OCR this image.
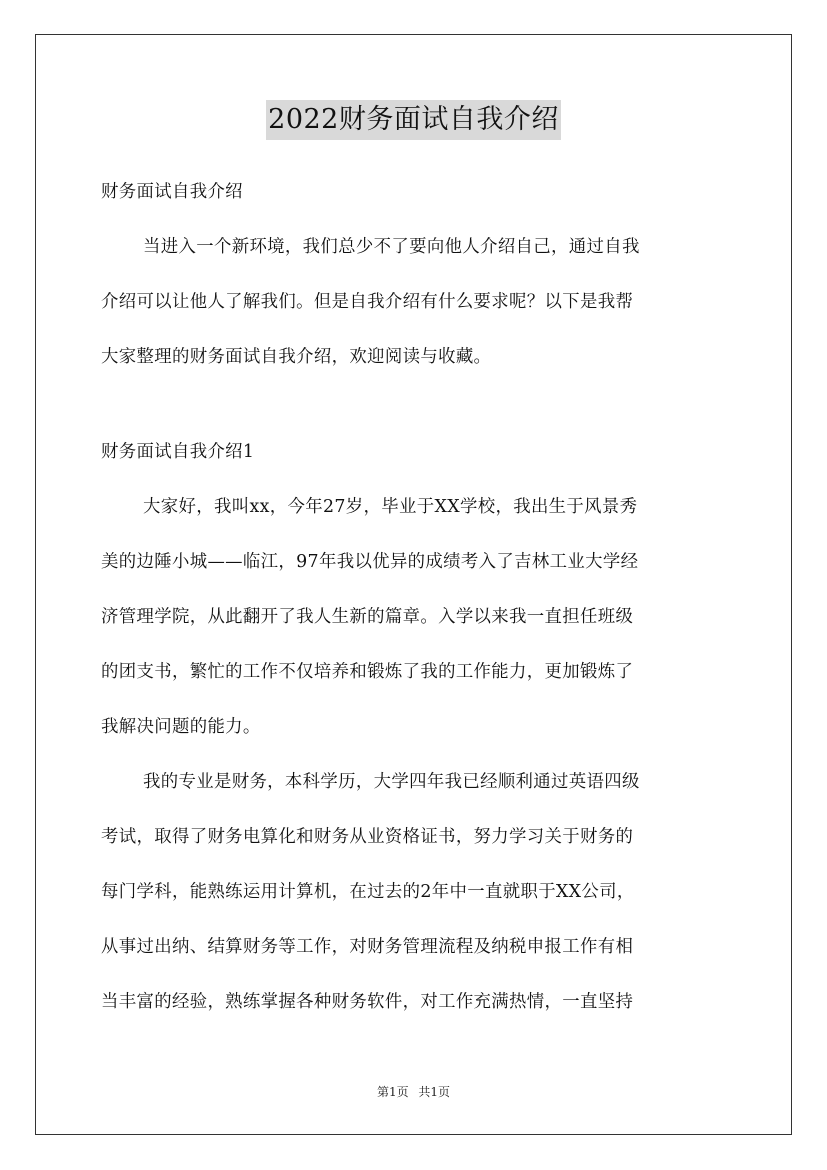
2022财务面试自我介绍
财务面试自我介绍
当进入一个新环境，我们总少不了要向他人介绍自己，通过自我
介绍可以让他人了解我们。但是自我介绍有什么要求呢？以下是我帮
大家整理的财务面试自我介绍，欢迎阅读与收藏。
财务面试自我介绍1
大家好，我叫xx，今年27岁，毕业于XX学校，我出生于风景秀
美的边陲小城——临江，97年我以优异的成绩考入了吉林工业大学经
济管理学院，从此翻开了我人生新的篇章。入学以来我一直担任班级
的团支书，繁忙的工作不仅培养和锻炼了我的工作能力，更加锻炼了
我解决问题的能力。
我的专业是财务，本科学历，大学四年我已经顺利通过英语四级
考试，取得了财务电算化和财务从业资格证书，努力学习关于财务的
每门学科，能熟练运用计算机，在过去的2年中一直就职于XX公司，
从事过出纳、结算财务等工作，对财务管理流程及纳税申报工作有相
当丰富的经验，熟练掌握各种财务软件，对工作充满热情，一直坚持
第1页 共1页
